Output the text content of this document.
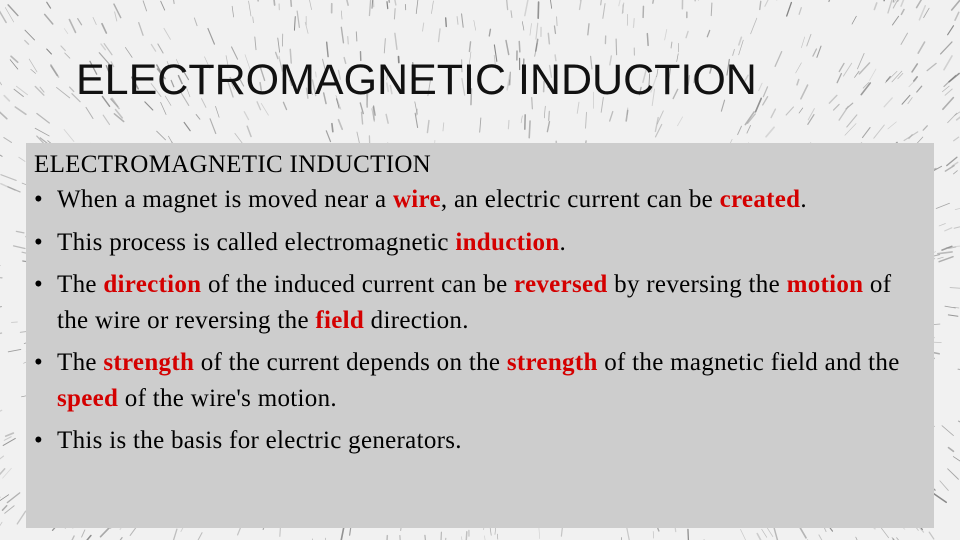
ELECTROMAGNETIC INDUCTION
ELECTROMAGNETIC INDUCTION
• When a magnet is moved near a wire, an electric current can be created.
• This process is called electromagnetic induction.
• The direction of the induced current can be reversed by reversing the motion of the wire or reversing the field direction.
• The strength of the current depends on the strength of the magnetic field and the speed of the wire's motion.
• This is the basis for electric generators.
